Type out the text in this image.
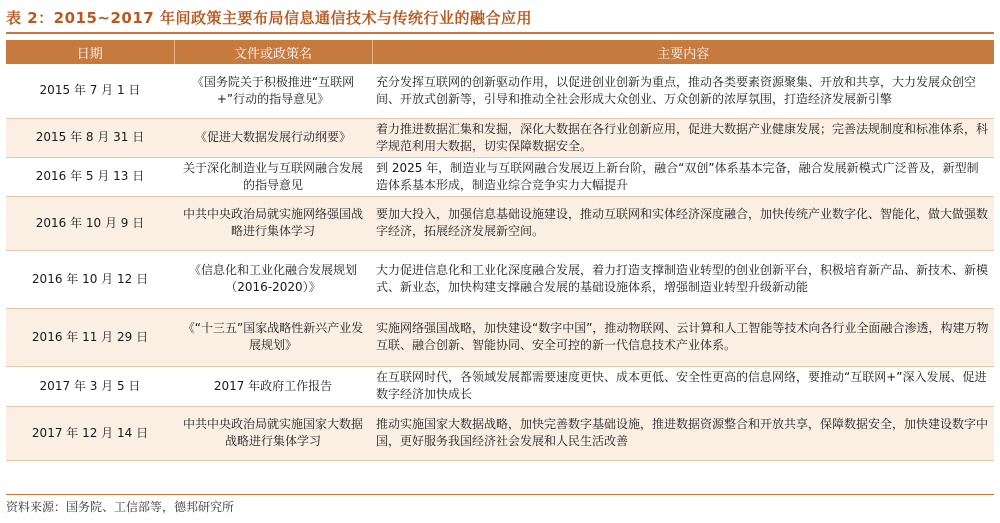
表 2：2015~2017 年间政策主要布局信息通信技术与传统行业的融合应用
日期	文件或政策名	主要内容
2015 年 7 月 1 日	《国务院关于积极推进“互联网+”行动的指导意见》	充分发挥互联网的创新驱动作用，以促进创业创新为重点，推动各类要素资源聚集、开放和共享，大力发展众创空间、开放式创新等，引导和推动全社会形成大众创业、万众创新的浓厚氛围，打造经济发展新引擎
2015 年 8 月 31 日	《促进大数据发展行动纲要》	着力推进数据汇集和发掘，深化大数据在各行业创新应用，促进大数据产业健康发展；完善法规制度和标准体系，科学规范利用大数据，切实保障数据安全。
2016 年 5 月 13 日	关于深化制造业与互联网融合发展的指导意见	到 2025 年，制造业与互联网融合发展迈上新台阶，融合“双创”体系基本完备，融合发展新模式广泛普及，新型制造体系基本形成，制造业综合竞争实力大幅提升
2016 年 10 月 9 日	中共中央政治局就实施网络强国战略进行集体学习	要加大投入，加强信息基础设施建设，推动互联网和实体经济深度融合，加快传统产业数字化、智能化，做大做强数字经济，拓展经济发展新空间。
2016 年 10 月 12 日	《信息化和工业化融合发展规划（2016-2020）》	大力促进信息化和工业化深度融合发展，着力打造支撑制造业转型的创业创新平台，积极培育新产品、新技术、新模式、新业态，加快构建支撑融合发展的基础设施体系，增强制造业转型升级新动能
2016 年 11 月 29 日	《“十三五”国家战略性新兴产业发展规划》	实施网络强国战略，加快建设“数字中国”，推动物联网、云计算和人工智能等技术向各行业全面融合渗透，构建万物互联、融合创新、智能协同、安全可控的新一代信息技术产业体系。
2017 年 3 月 5 日	2017 年政府工作报告	在互联网时代，各领域发展都需要速度更快、成本更低、安全性更高的信息网络，要推动“互联网+”深入发展、促进数字经济加快成长
2017 年 12 月 14 日	中共中央政治局就实施国家大数据战略进行集体学习	推动实施国家大数据战略，加快完善数字基础设施，推进数据资源整合和开放共享，保障数据安全，加快建设数字中国，更好服务我国经济社会发展和人民生活改善
资料来源：国务院、工信部等，德邦研究所
